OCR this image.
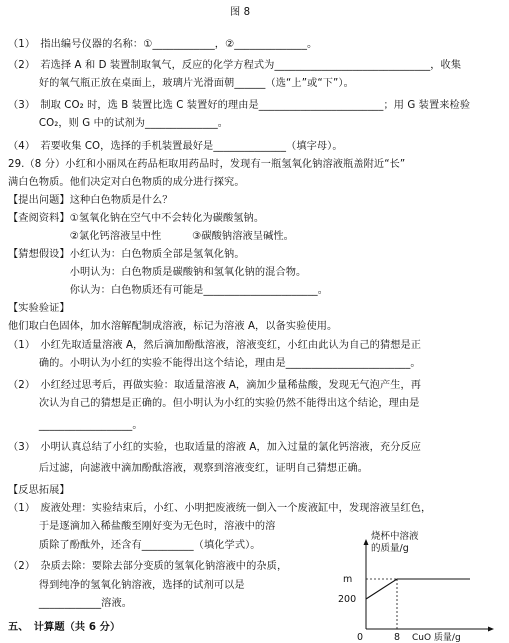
图 8
（1）　指出编号仪器的名称：①____________，②______________。
（2）　若选择 A 和 D 装置制取氧气，反应的化学方程式为______________________________，收集
　　　好的氧气瓶正放在桌面上，玻璃片光滑面朝______（选“上”或“下”）。
（3）　制取 CO₂ 时，选 B 装置比选 C 装置好的理由是________________________；用 G 装置来检验
　　　CO₂，则 G 中的试剂为______________。
（4）　若要收集 CO，选择的手机装置最好是______________（填字母）。
29.（8 分）小红和小丽凤在药品柜取用药品时，发现有一瓶氢氧化钠溶液瓶盖附近“长”
满白色物质。他们决定对白色物质的成分进行探究。
【提出问题】这种白色物质是什么？
【查阅资料】①氢氧化钠在空气中不会转化为碳酸氢钠。
　　　　　　②氯化钙溶液呈中性　　　③碳酸钠溶液呈碱性。
【猜想假设】小红认为：白色物质全部是氢氧化钠。
　　　　　　小明认为：白色物质是碳酸钠和氢氧化钠的混合物。
　　　　　　你认为：白色物质还有可能是______________________。
【实验验证】
他们取白色固体，加水溶解配制成溶液，标记为溶液 A，以备实验使用。
（1）　小红先取适量溶液 A，然后滴加酚酞溶液，溶液变红，小红由此认为自己的猜想是正
　　　确的。小明认为小红的实验不能得出这个结论，理由是________________________。
（2）　小红经过思考后，再做实验：取适量溶液 A，滴加少量稀盐酸，发现无气泡产生，再
　　　次认为自己的猜想是正确的。但小明认为小红的实验仍然不能得出这个结论，理由是
　　　__________________。
（3）　小明认真总结了小红的实验，也取适量的溶液 A，加入过量的氯化钙溶液，充分反应
　　　后过滤，向滤液中滴加酚酞溶液，观察到溶液变红，证明自己猜想正确。
【反思拓展】
（1）　废液处理：实验结束后，小红、小明把废液统一倒入一个废液缸中，发现溶液呈红色，
　　　于是逐滴加入稀盐酸至刚好变为无色时，溶液中的溶
　　　质除了酚酞外，还含有__________（填化学式）。
（2）　杂质去除：要除去部分变质的氢氧化钠溶液中的杂质，
　　　得到纯净的氢氧化钠溶液，选择的试剂可以是
　　　____________溶液。
五、　计算题（共 6 分）
烧杯中溶液
的质量/g
m
200
0	8 CuO 质量/g
